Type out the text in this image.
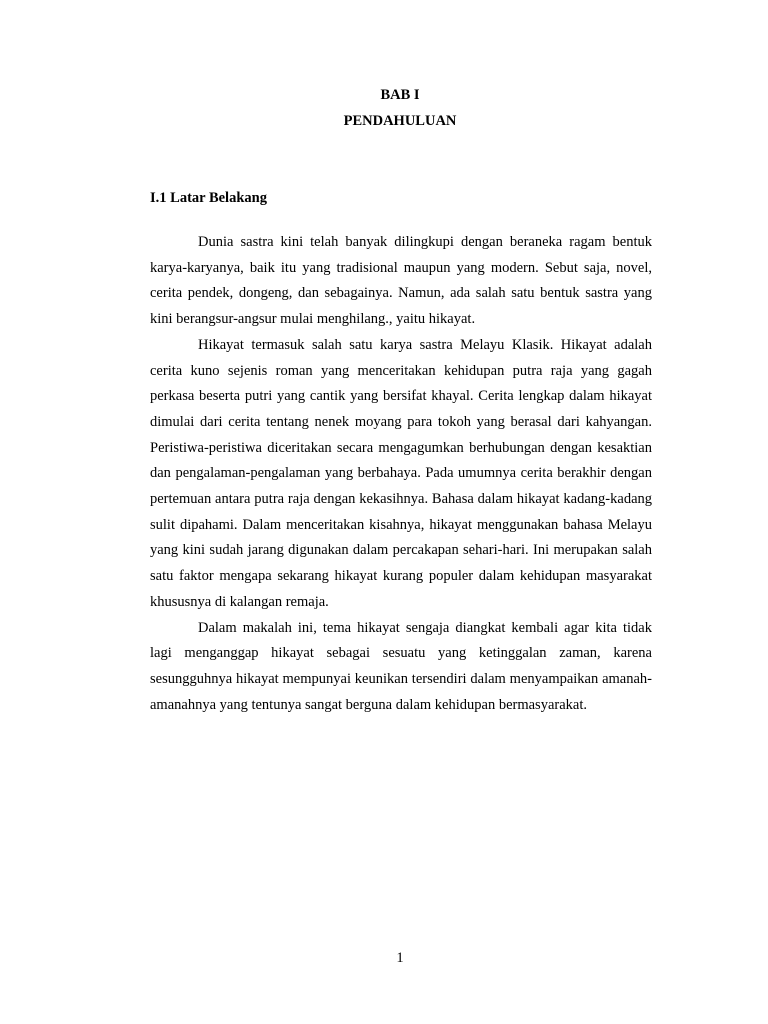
BAB I
PENDAHULUAN
I.1 Latar Belakang

Dunia sastra kini telah banyak dilingkupi dengan beraneka ragam bentuk karya-karyanya, baik itu yang tradisional maupun yang modern. Sebut saja, novel, cerita pendek, dongeng, dan sebagainya. Namun, ada salah satu bentuk sastra yang kini berangsur-angsur mulai menghilang., yaitu hikayat.

Hikayat termasuk salah satu karya sastra Melayu Klasik. Hikayat adalah cerita kuno sejenis roman yang menceritakan kehidupan putra raja yang gagah perkasa beserta putri yang cantik yang bersifat khayal. Cerita lengkap dalam hikayat dimulai dari cerita tentang nenek moyang para tokoh yang berasal dari kahyangan. Peristiwa-peristiwa diceritakan secara mengagumkan berhubungan dengan kesaktian dan pengalaman-pengalaman yang berbahaya. Pada umumnya cerita berakhir dengan pertemuan antara putra raja dengan kekasihnya. Bahasa dalam hikayat kadang-kadang sulit dipahami. Dalam menceritakan kisahnya, hikayat menggunakan bahasa Melayu yang kini sudah jarang digunakan dalam percakapan sehari-hari. Ini merupakan salah satu faktor mengapa sekarang hikayat kurang populer dalam kehidupan masyarakat khususnya di kalangan remaja.

Dalam makalah ini, tema hikayat sengaja diangkat kembali agar kita tidak lagi menganggap hikayat sebagai sesuatu yang ketinggalan zaman, karena sesungguhnya hikayat mempunyai keunikan tersendiri dalam menyampaikan amanah-amanahnya yang tentunya sangat berguna dalam kehidupan bermasyarakat.

1
